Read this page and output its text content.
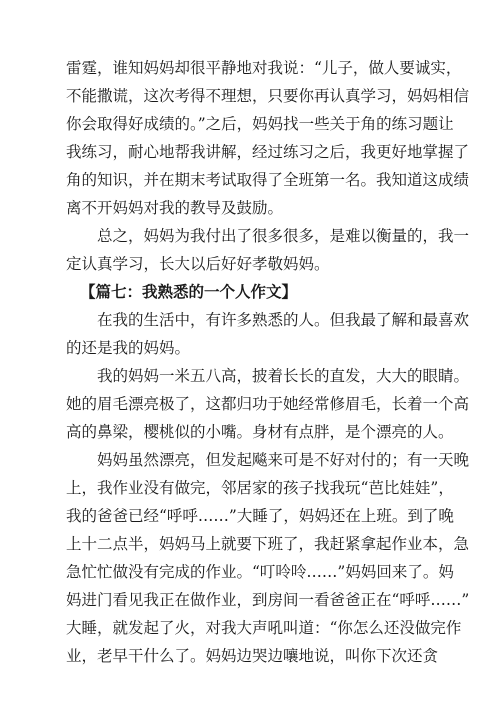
雷霆，谁知妈妈却很平静地对我说：“儿子，做人要诚实，
不能撒谎，这次考得不理想，只要你再认真学习，妈妈相信
你会取得好成绩的。”之后，妈妈找一些关于角的练习题让
我练习，耐心地帮我讲解，经过练习之后，我更好地掌握了
角的知识，并在期末考试取得了全班第一名。我知道这成绩
离不开妈妈对我的教导及鼓励。
总之，妈妈为我付出了很多很多，是难以衡量的，我一
定认真学习，长大以后好好孝敬妈妈。
【篇七：我熟悉的一个人作文】
在我的生活中，有许多熟悉的人。但我最了解和最喜欢
的还是我的妈妈。
我的妈妈一米五八高，披着长长的直发，大大的眼睛。
她的眉毛漂亮极了，这都归功于她经常修眉毛，长着一个高
高的鼻梁，樱桃似的小嘴。身材有点胖，是个漂亮的人。
妈妈虽然漂亮，但发起飚来可是不好对付的；有一天晚
上，我作业没有做完，邻居家的孩子找我玩“芭比娃娃”，
我的爸爸已经“呼呼……”大睡了，妈妈还在上班。到了晚
上十二点半，妈妈马上就要下班了，我赶紧拿起作业本，急
急忙忙做没有完成的作业。“叮呤呤……”妈妈回来了。妈
妈进门看见我正在做作业，到房间一看爸爸正在“呼呼……”
大睡，就发起了火，对我大声吼叫道：“你怎么还没做完作
业，老早干什么了。妈妈边哭边嚷地说，叫你下次还贪
